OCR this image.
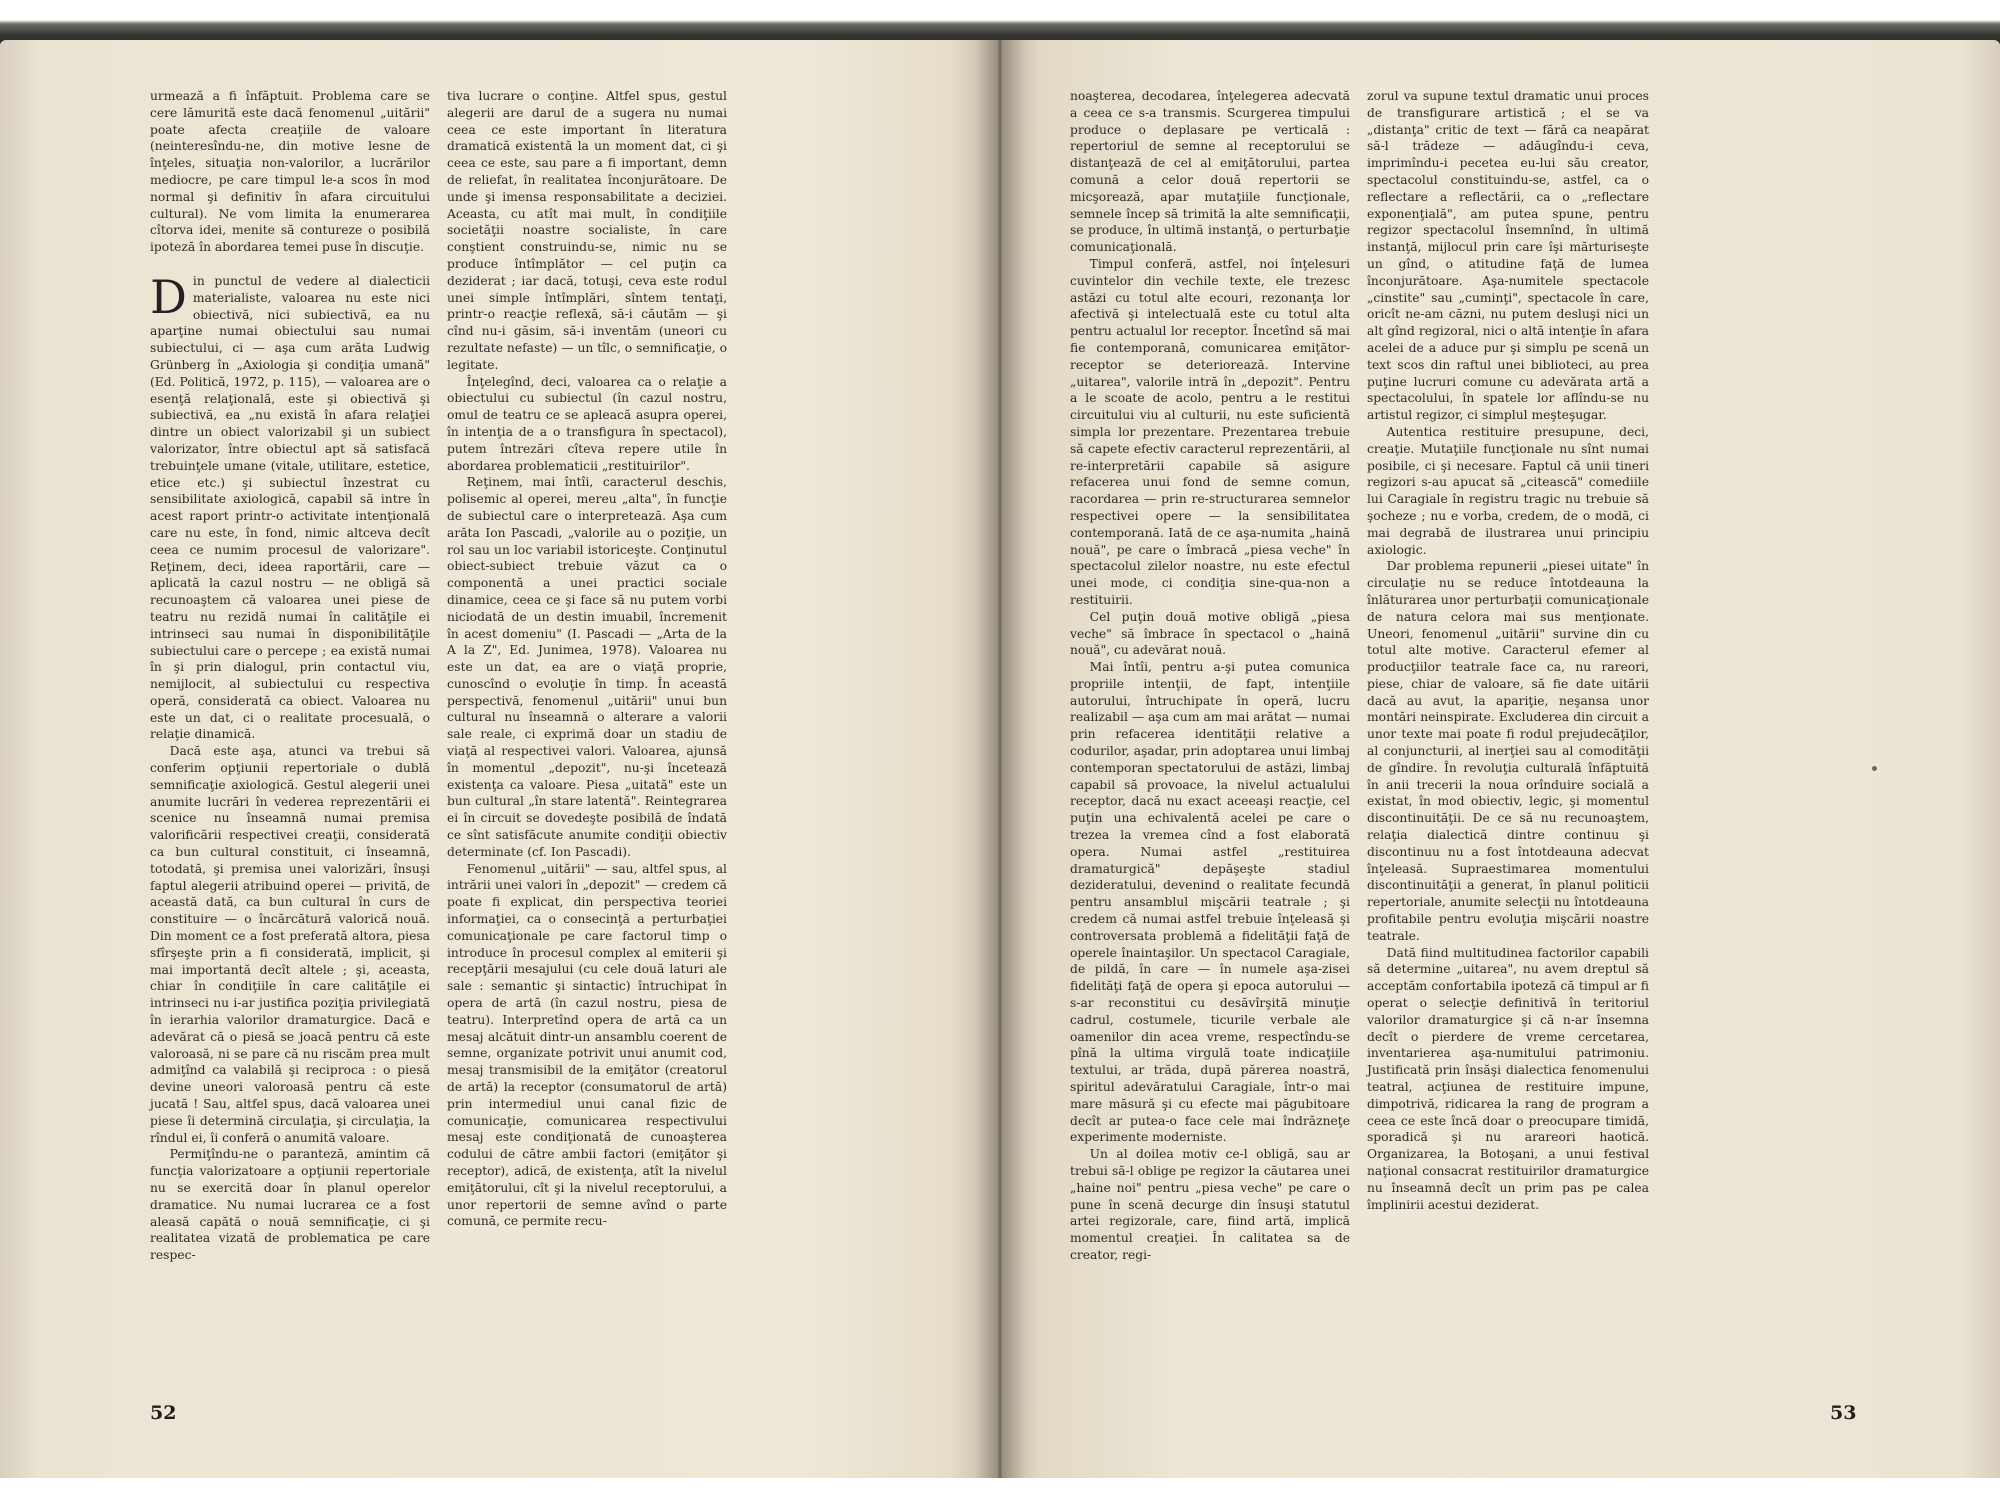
urmează a fi înfăptuit. Problema care se cere lămurită este dacă fenomenul „uitării" poate afecta creaţiile de valoare (neinteresîndu-ne, din motive lesne de înţeles, situaţia non-valorilor, a lucrărilor mediocre, pe care timpul le-a scos în mod normal şi definitiv în afara circuitului cultural). Ne vom limita la enumerarea cîtorva idei, menite să contureze o posibilă ipoteză în abordarea temei puse în discuţie.

Din punctul de vedere al dialecticii materialiste, valoarea nu este nici obiectivă, nici subiectivă, ea nu aparţine numai obiectului sau numai subiectului, ci — aşa cum arăta Ludwig Grünberg în „Axiologia şi condiţia umană" (Ed. Politică, 1972, p. 115), — valoarea are o esenţă relaţională, este şi obiectivă şi subiectivă, ea „nu există în afara relaţiei dintre un obiect valorizabil şi un subiect valorizator, între obiectul apt să satisfacă trebuinţele umane (vitale, utilitare, estetice, etice etc.) şi subiectul înzestrat cu sensibilitate axiologică, capabil să intre în acest raport printr-o activitate intenţională care nu este, în fond, nimic altceva decît ceea ce numim procesul de valorizare". Reţinem, deci, ideea raportării, care — aplicată la cazul nostru — ne obligă să recunoaştem că valoarea unei piese de teatru nu rezidă numai în calităţile ei intrinseci sau numai în disponibilităţile subiectului care o percepe ; ea există numai în şi prin dialogul, prin contactul viu, nemijlocit, al subiectului cu respectiva operă, considerată ca obiect. Valoarea nu este un dat, ci o realitate procesuală, o relaţie dinamică.

Dacă este aşa, atunci va trebui să conferim opţiunii repertoriale o dublă semnificaţie axiologică. Gestul alegerii unei anumite lucrări în vederea reprezentării ei scenice nu înseamnă numai premisa valorificării respectivei creaţii, considerată ca bun cultural constituit, ci înseamnă, totodată, şi premisa unei valorizări, însuşi faptul alegerii atribuind operei — privită, de această dată, ca bun cultural în curs de constituire — o încărcătură valorică nouă. Din moment ce a fost preferată altora, piesa sfîrşeşte prin a fi considerată, implicit, şi mai importantă decît altele ; şi, aceasta, chiar în condiţiile în care calităţile ei intrinseci nu i-ar justifica poziţia privilegiată în ierarhia valorilor dramaturgice. Dacă e adevărat că o piesă se joacă pentru că este valoroasă, ni se pare că nu riscăm prea mult admiţînd ca valabilă şi reciproca : o piesă devine uneori valoroasă pentru că este jucată ! Sau, altfel spus, dacă valoarea unei piese îi determină circulaţia, şi circulaţia, la rîndul ei, îi conferă o anumită valoare.

Permiţîndu-ne o paranteză, amintim că funcţia valorizatoare a opţiunii repertoriale nu se exercită doar în planul operelor dramatice. Nu numai lucrarea ce a fost aleasă capătă o nouă semnificaţie, ci şi realitatea vizată de problematica pe care respec-

tiva lucrare o conţine. Altfel spus, gestul alegerii are darul de a sugera nu numai ceea ce este important în literatura dramatică existentă la un moment dat, ci şi ceea ce este, sau pare a fi important, demn de reliefat, în realitatea înconjurătoare. De unde şi imensa responsabilitate a deciziei. Aceasta, cu atît mai mult, în condiţiile societăţii noastre socialiste, în care conştient construindu-se, nimic nu se produce întîmplător — cel puţin ca deziderat ; iar dacă, totuşi, ceva este rodul unei simple întîmplări, sîntem tentaţi, printr-o reacţie reflexă, să-i căutăm — şi cînd nu-i găsim, să-i inventăm (uneori cu rezultate nefaste) — un tîlc, o semnificaţie, o legitate.

Înţelegînd, deci, valoarea ca o relaţie a obiectului cu subiectul (în cazul nostru, omul de teatru ce se apleacă asupra operei, în intenţia de a o transfigura în spectacol), putem întrezări cîteva repere utile în abordarea problematicii „restituirilor".

Reţinem, mai întîi, caracterul deschis, polisemic al operei, mereu „alta", în funcţie de subiectul care o interpretează. Aşa cum arăta Ion Pascadi, „valorile au o poziţie, un rol sau un loc variabil istoriceşte. Conţinutul obiect-subiect trebuie văzut ca o componentă a unei practici sociale dinamice, ceea ce şi face să nu putem vorbi niciodată de un destin imuabil, încremenit în acest domeniu" (I. Pascadi — „Arta de la A la Z", Ed. Junimea, 1978). Valoarea nu este un dat, ea are o viaţă proprie, cunoscînd o evoluţie în timp. În această perspectivă, fenomenul „uitării" unui bun cultural nu înseamnă o alterare a valorii sale reale, ci exprimă doar un stadiu de viaţă al respectivei valori. Valoarea, ajunsă în momentul „depozit", nu-şi încetează existenţa ca valoare. Piesa „uitată" este un bun cultural „în stare latentă". Reintegrarea ei în circuit se dovedeşte posibilă de îndată ce sînt satisfăcute anumite condiţii obiectiv determinate (cf. Ion Pascadi).

Fenomenul „uitării" — sau, altfel spus, al intrării unei valori în „depozit" — credem că poate fi explicat, din perspectiva teoriei informaţiei, ca o consecinţă a perturbaţiei comunicaţionale pe care factorul timp o introduce în procesul complex al emiterii şi recepţării mesajului (cu cele două laturi ale sale : semantic şi sintactic) întruchipat în opera de artă (în cazul nostru, piesa de teatru). Interpretînd opera de artă ca un mesaj alcătuit dintr-un ansamblu coerent de semne, organizate potrivit unui anumit cod, mesaj transmisibil de la emiţător (creatorul de artă) la receptor (consumatorul de artă) prin intermediul unui canal fizic de comunicaţie, comunicarea respectivului mesaj este condiţionată de cunoaşterea codului de către ambii factori (emiţător şi receptor), adică, de existenţa, atît la nivelul emiţătorului, cît şi la nivelul receptorului, a unor repertorii de semne avînd o parte comună, ce permite recu-

52

noaşterea, decodarea, înţelegerea adecvată a ceea ce s-a transmis. Scurgerea timpului produce o deplasare pe verticală : repertoriul de semne al receptorului se distanţează de cel al emiţătorului, partea comună a celor două repertorii se micşorează, apar mutaţiile funcţionale, semnele încep să trimită la alte semnificaţii, se produce, în ultimă instanţă, o perturbaţie comunicaţională.

Timpul conferă, astfel, noi înţelesuri cuvintelor din vechile texte, ele trezesc astăzi cu totul alte ecouri, rezonanţa lor afectivă şi intelectuală este cu totul alta pentru actualul lor receptor. Încetînd să mai fie contemporană, comunicarea emiţător-receptor se deteriorează. Intervine „uitarea", valorile intră în „depozit". Pentru a le scoate de acolo, pentru a le restitui circuitului viu al culturii, nu este suficientă simpla lor prezentare. Prezentarea trebuie să capete efectiv caracterul reprezentării, al re-interpretării capabile să asigure refacerea unui fond de semne comun, racordarea — prin re-structurarea semnelor respectivei opere — la sensibilitatea contemporană. Iată de ce aşa-numita „haină nouă", pe care o îmbracă „piesa veche" în spectacolul zilelor noastre, nu este efectul unei mode, ci condiţia sine-qua-non a restituirii.

Cel puţin două motive obligă „piesa veche" să îmbrace în spectacol o „haină nouă", cu adevărat nouă.

Mai întîi, pentru a-şi putea comunica propriile intenţii, de fapt, intenţiile autorului, întruchipate în operă, lucru realizabil — aşa cum am mai arătat — numai prin refacerea identităţii relative a codurilor, aşadar, prin adoptarea unui limbaj contemporan spectatorului de astăzi, limbaj capabil să provoace, la nivelul actualului receptor, dacă nu exact aceeaşi reacţie, cel puţin una echivalentă acelei pe care o trezea la vremea cînd a fost elaborată opera. Numai astfel „restituirea dramaturgică" depăşeşte stadiul dezideratului, devenind o realitate fecundă pentru ansamblul mişcării teatrale ; şi credem că numai astfel trebuie înţeleasă şi controversata problemă a fidelităţii faţă de operele înaintaşilor. Un spectacol Caragiale, de pildă, în care — în numele aşa-zisei fidelităţi faţă de opera şi epoca autorului — s-ar reconstitui cu desăvîrşită minuţie cadrul, costumele, ticurile verbale ale oamenilor din acea vreme, respectîndu-se pînă la ultima virgulă toate indicaţiile textului, ar trăda, după părerea noastră, spiritul adevăratului Caragiale, într-o mai mare măsură şi cu efecte mai păgubitoare decît ar putea-o face cele mai îndrăzneţe experimente moderniste.

Un al doilea motiv ce-l obligă, sau ar trebui să-l oblige pe regizor la căutarea unei „haine noi" pentru „piesa veche" pe care o pune în scenă decurge din însuşi statutul artei regizorale, care, fiind artă, implică momentul creaţiei. În calitatea sa de creator, regi-

zorul va supune textul dramatic unui proces de transfigurare artistică ; el se va „distanţa" critic de text — fără ca neapărat să-l trădeze — adăugîndu-i ceva, imprimîndu-i pecetea eu-lui său creator, spectacolul constituindu-se, astfel, ca o reflectare a reflectării, ca o „reflectare exponenţială", am putea spune, pentru regizor spectacolul însemnînd, în ultimă instanţă, mijlocul prin care îşi mărturiseşte un gînd, o atitudine faţă de lumea înconjurătoare. Aşa-numitele spectacole „cinstite" sau „cuminţi", spectacole în care, oricît ne-am căzni, nu putem desluşi nici un alt gînd regizoral, nici o altă intenţie în afara acelei de a aduce pur şi simplu pe scenă un text scos din raftul unei biblioteci, au prea puţine lucruri comune cu adevărata artă a spectacolului, în spatele lor aflîndu-se nu artistul regizor, ci simplul meşteşugar.

Autentica restituire presupune, deci, creaţie. Mutaţiile funcţionale nu sînt numai posibile, ci şi necesare. Faptul că unii tineri regizori s-au apucat să „citească" comediile lui Caragiale în registru tragic nu trebuie să şocheze ; nu e vorba, credem, de o modă, ci mai degrabă de ilustrarea unui principiu axiologic.

Dar problema repunerii „piesei uitate" în circulaţie nu se reduce întotdeauna la înlăturarea unor perturbaţii comunicaţionale de natura celora mai sus menţionate. Uneori, fenomenul „uitării" survine din cu totul alte motive. Caracterul efemer al producţiilor teatrale face ca, nu rareori, piese, chiar de valoare, să fie date uitării dacă au avut, la apariţie, neşansa unor montări neinspirate. Excluderea din circuit a unor texte mai poate fi rodul prejudecăţilor, al conjuncturii, al inerţiei sau al comodităţii de gîndire. În revoluţia culturală înfăptuită în anii trecerii la noua orînduire socială a existat, în mod obiectiv, legic, şi momentul discontinuităţii. De ce să nu recunoaştem, relaţia dialectică dintre continuu şi discontinuu nu a fost întotdeauna adecvat înţeleasă. Supraestimarea momentului discontinuităţii a generat, în planul politicii repertoriale, anumite selecţii nu întotdeauna profitabile pentru evoluţia mişcării noastre teatrale.

Dată fiind multitudinea factorilor capabili să determine „uitarea", nu avem dreptul să acceptăm confortabila ipoteză că timpul ar fi operat o selecţie definitivă în teritoriul valorilor dramaturgice şi că n-ar însemna decît o pierdere de vreme cercetarea, inventarierea aşa-numitului patrimoniu. Justificată prin însăşi dialectica fenomenului teatral, acţiunea de restituire impune, dimpotrivă, ridicarea la rang de program a ceea ce este încă doar o preocupare timidă, sporadică şi nu arareori haotică. Organizarea, la Botoşani, a unui festival naţional consacrat restituirilor dramaturgice nu înseamnă decît un prim pas pe calea împlinirii acestui deziderat.

53
